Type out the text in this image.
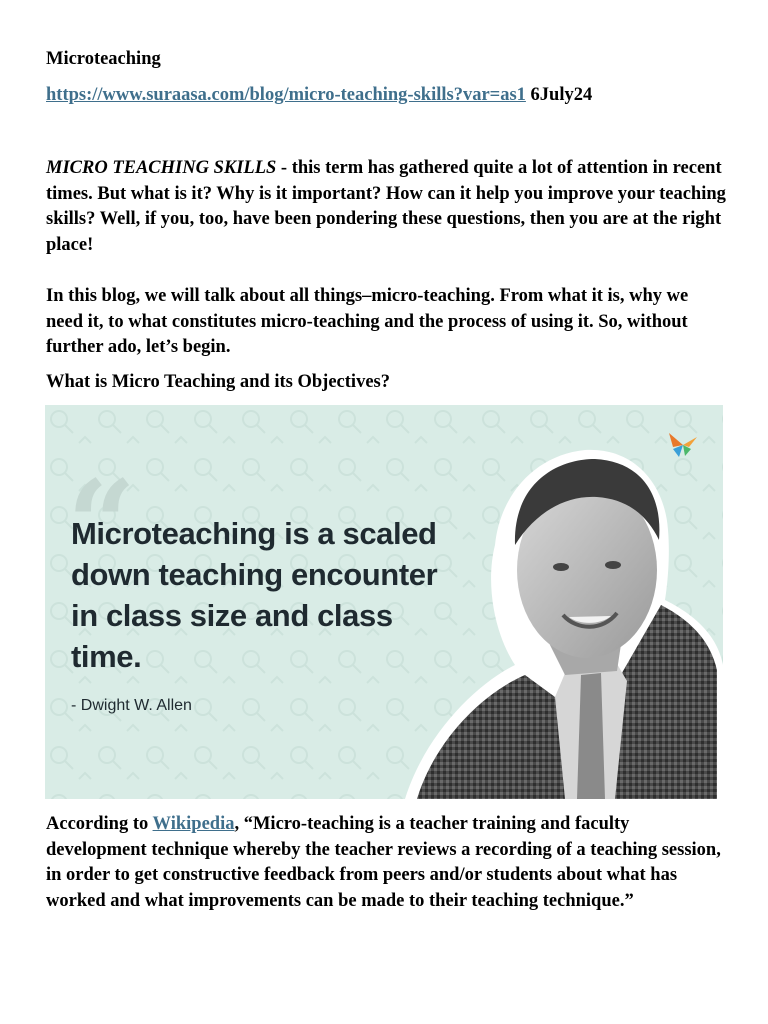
Microteaching
https://www.suraasa.com/blog/micro-teaching-skills?var=as1 6July24

MICRO TEACHING SKILLS - this term has gathered quite a lot of attention in recent times. But what is it? Why is it important? How can it help you improve your teaching skills? Well, if you, too, have been pondering these questions, then you are at the right place!

In this blog, we will talk about all things–micro-teaching. From what it is, why we need it, to what constitutes micro-teaching and the process of using it. So, without further ado, let’s begin.

What is Micro Teaching and its Objectives?

According to Wikipedia, “Micro-teaching is a teacher training and faculty development technique whereby the teacher reviews a recording of a teaching session, in order to get constructive feedback from peers and/or students about what has worked and what improvements can be made to their teaching technique.”

“
Microteaching is a scaled down teaching encounter in class size and class time.
- Dwight W. Allen
